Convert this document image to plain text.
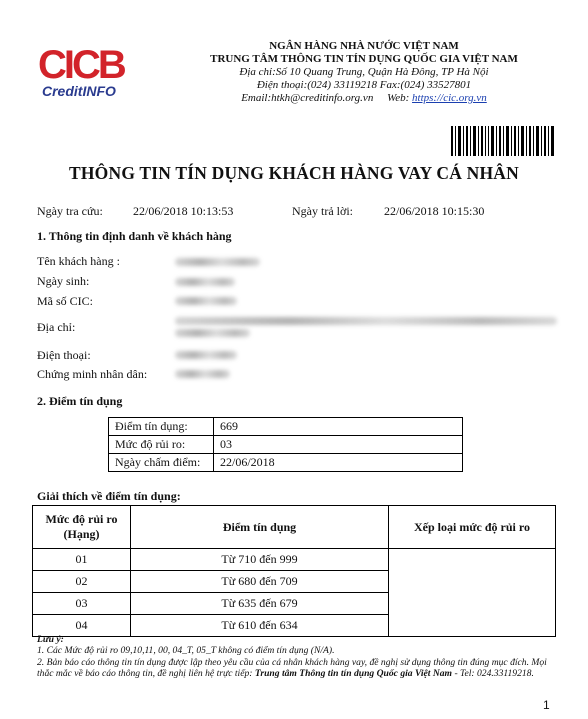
CICB
CreditINFO
NGÂN HÀNG NHÀ NƯỚC VIỆT NAM
TRUNG TÂM THÔNG TIN TÍN DỤNG QUỐC GIA VIỆT NAM
Địa chỉ:Số 10 Quang Trung, Quận Hà Đông, TP Hà Nội
Điện thoại:(024) 33119218 Fax:(024) 33527801
Email:htkh@creditinfo.org.vn Web: https://cic.org.vn
THÔNG TIN TÍN DỤNG KHÁCH HÀNG VAY CÁ NHÂN
Ngày tra cứu:	22/06/2018 10:13:53	Ngày trả lời:	22/06/2018 10:15:30
1. Thông tin định danh về khách hàng
Tên khách hàng :
Ngày sinh:
Mã số CIC:
Địa chỉ:
Điện thoại:
Chứng minh nhân dân:
2. Điểm tín dụng
Điểm tín dụng:	669
Mức độ rủi ro:	03
Ngày chấm điểm:	22/06/2018
Giải thích về điểm tín dụng:
Mức độ rủi ro
(Hạng)	Điểm tín dụng	Xếp loại mức độ rủi ro
01	Từ 710 đến 999	
02	Từ 680 đến 709	
03	Từ 635 đến 679	
04	Từ 610 đến 634	
Lưu ý:
1. Các Mức độ rủi ro 09,10,11, 00, 04_T, 05_T không có điểm tín dụng (N/A).
2. Bản báo cáo thông tin tín dụng được lập theo yêu cầu của cá nhân khách hàng vay, đề nghị sử dụng thông tin đúng mục đích. Mọi thắc mắc về báo cáo thông tin, đề nghị liên hệ trực tiếp: Trung tâm Thông tin tín dụng Quốc gia Việt Nam - Tel: 024.33119218.
1
